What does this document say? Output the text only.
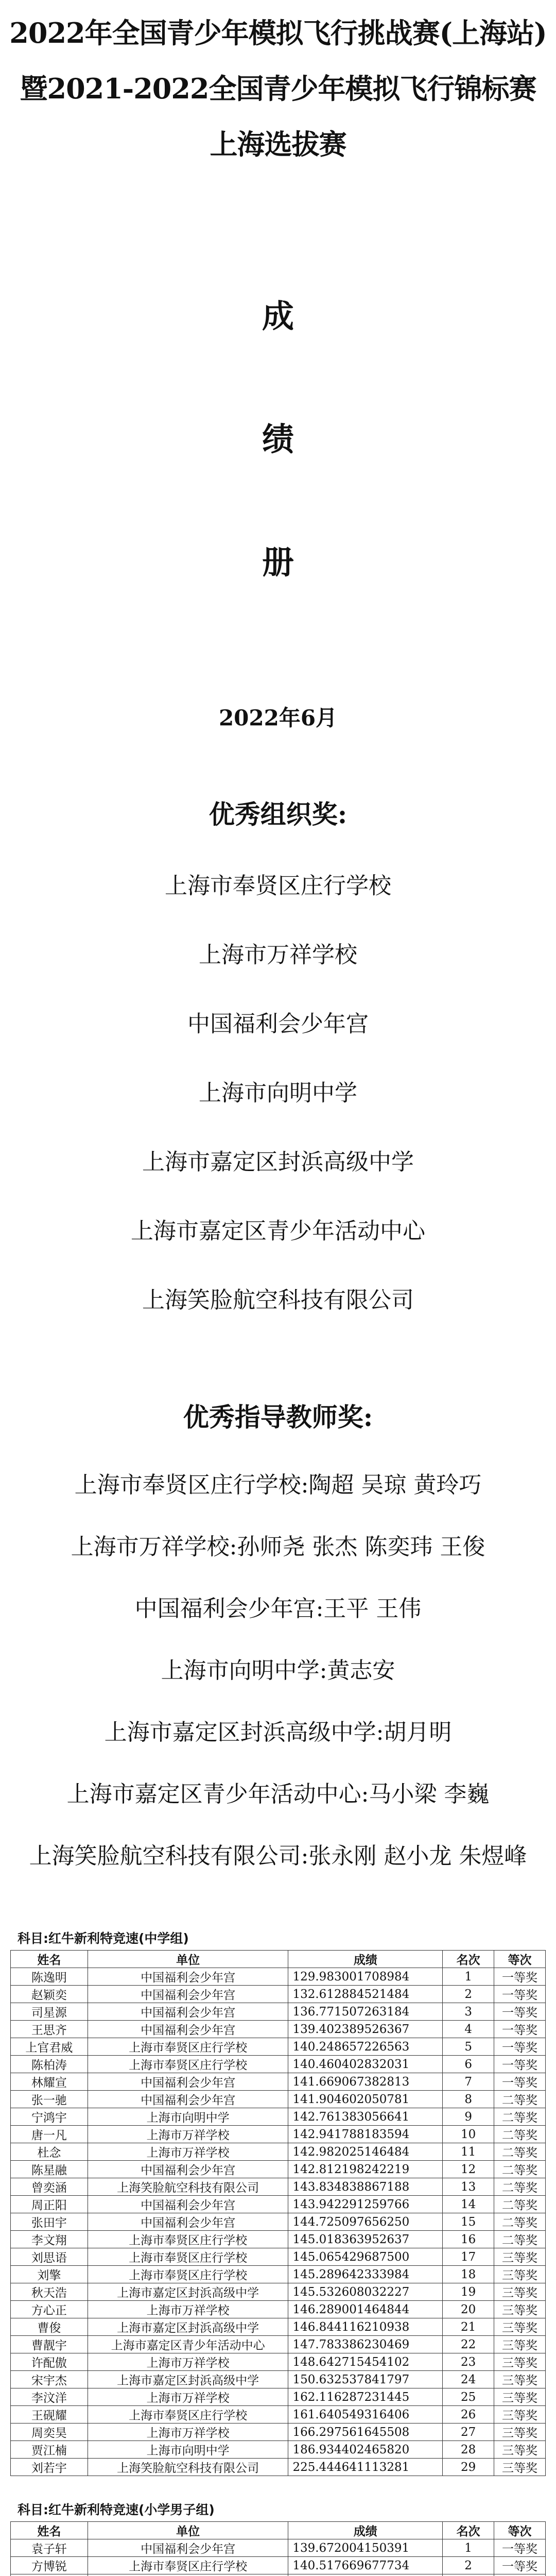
2022年全国青少年模拟飞行挑战赛(上海站)
暨2021-2022全国青少年模拟飞行锦标赛
上海选拔赛
成
绩
册
2022年6月
优秀组织奖:
上海市奉贤区庄行学校
上海市万祥学校
中国福利会少年宫
上海市向明中学
上海市嘉定区封浜高级中学
上海市嘉定区青少年活动中心
上海笑脸航空科技有限公司
优秀指导教师奖:
上海市奉贤区庄行学校:陶超 吴琼 黄玲巧
上海市万祥学校:孙师尧 张杰 陈奕玮 王俊
中国福利会少年宫:王平 王伟
上海市向明中学:黄志安
上海市嘉定区封浜高级中学:胡月明
上海市嘉定区青少年活动中心:马小梁 李巍
上海笑脸航空科技有限公司:张永刚 赵小龙 朱煜峰
科目:红牛新利特竞速(中学组)
姓名	单位	成绩	名次	等次
陈逸明	中国福利会少年宫	129.983001708984	1	一等奖
赵颖奕	中国福利会少年宫	132.612884521484	2	一等奖
司星源	中国福利会少年宫	136.771507263184	3	一等奖
王思齐	中国福利会少年宫	139.402389526367	4	一等奖
上官君威	上海市奉贤区庄行学校	140.248657226563	5	一等奖
陈柏涛	上海市奉贤区庄行学校	140.460402832031	6	一等奖
林耀宣	中国福利会少年宫	141.669067382813	7	一等奖
张一驰	中国福利会少年宫	141.904602050781	8	二等奖
宁鸿宇	上海市向明中学	142.761383056641	9	二等奖
唐一凡	上海市万祥学校	142.941788183594	10	二等奖
杜念	上海市万祥学校	142.982025146484	11	二等奖
陈星融	中国福利会少年宫	142.812198242219	12	二等奖
曾奕涵	上海笑脸航空科技有限公司	143.834838867188	13	二等奖
周正阳	中国福利会少年宫	143.942291259766	14	二等奖
张田宇	中国福利会少年宫	144.725097656250	15	二等奖
李文翔	上海市奉贤区庄行学校	145.018363952637	16	二等奖
刘思语	上海市奉贤区庄行学校	145.065429687500	17	三等奖
刘擎	上海市奉贤区庄行学校	145.289642333984	18	三等奖
秋天浩	上海市嘉定区封浜高级中学	145.532608032227	19	三等奖
方心正	上海市万祥学校	146.289001464844	20	三等奖
曹俊	上海市嘉定区封浜高级中学	146.844116210938	21	三等奖
曹靓宇	上海市嘉定区青少年活动中心	147.783386230469	22	三等奖
许配傲	上海市万祥学校	148.642715454102	23	三等奖
宋宇杰	上海市嘉定区封浜高级中学	150.632537841797	24	三等奖
李汶洋	上海市万祥学校	162.116287231445	25	三等奖
王砚耀	上海市奉贤区庄行学校	161.640549316406	26	三等奖
周奕昊	上海市万祥学校	166.297561645508	27	三等奖
贾江楠	上海市向明中学	186.934402465820	28	三等奖
刘若宇	上海笑脸航空科技有限公司	225.444641113281	29	三等奖
科目:红牛新利特竞速(小学男子组)
姓名	单位	成绩	名次	等次
袁子轩	中国福利会少年宫	139.672004150391	1	一等奖
方博锐	上海市奉贤区庄行学校	140.517669677734	2	一等奖
